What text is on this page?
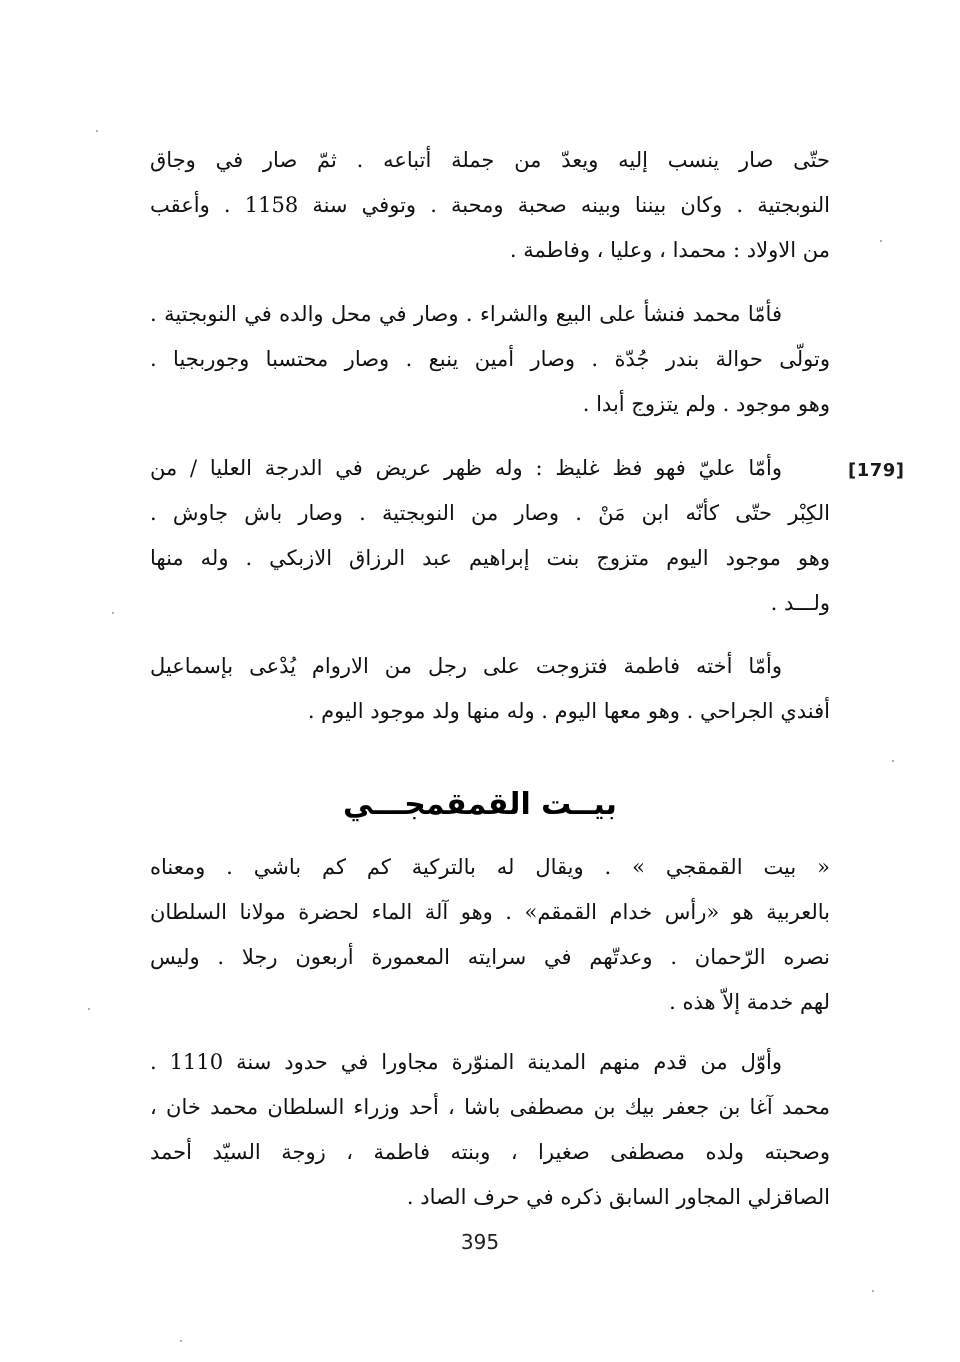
حتّى صار ينسب إليه ويعدّ من جملة أتباعه . ثمّ صار في وجاق
النوبجتية . وكان بيننا وبينه صحبة ومحبة . وتوفي سنة 1158 . وأعقب
من الاولاد : محمدا ، وعليا ، وفاطمة .
فأمّا محمد فنشأ على البيع والشراء . وصار في محل والده في النوبجتية .
وتولّى حوالة بندر جُدّة . وصار أمين ينبع . وصار محتسبا وجوربجيا .
وهو موجود . ولم يتزوج أبدا .
[179]
وأمّا عليّ فهو فظ غليظ : وله ظهر عريض في الدرجة العليا / من
الكِبْر حتّى كأنّه ابن مَنْ . وصار من النوبجتية . وصار باش جاوش .
وهو موجود اليوم متزوج بنت إبراهيم عبد الرزاق الازبكي . وله منها
ولـــد .
وأمّا أخته فاطمة فتزوجت على رجل من الاروام يُدْعى بإسماعيل
أفندي الجراحي . وهو معها اليوم . وله منها ولد موجود اليوم .
بيــت القمقمجـــي
« بيت القمقجي » . ويقال له بالتركية كم كم باشي . ومعناه
بالعربية هو «رأس خدام القمقم» . وهو آلة الماء لحضرة مولانا السلطان
نصره الرّحمان . وعدتّهم في سرايته المعمورة أربعون رجلا . وليس
لهم خدمة إلاّ هذه .
وأوّل من قدم منهم المدينة المنوّرة مجاورا في حدود سنة 1110 .
محمد آغا بن جعفر بيك بن مصطفى باشا ، أحد وزراء السلطان محمد خان ،
وصحبته ولده مصطفى صغيرا ، وبنته فاطمة ، زوجة السيّد أحمد
الصاقزلي المجاور السابق ذكره في حرف الصاد .
395
